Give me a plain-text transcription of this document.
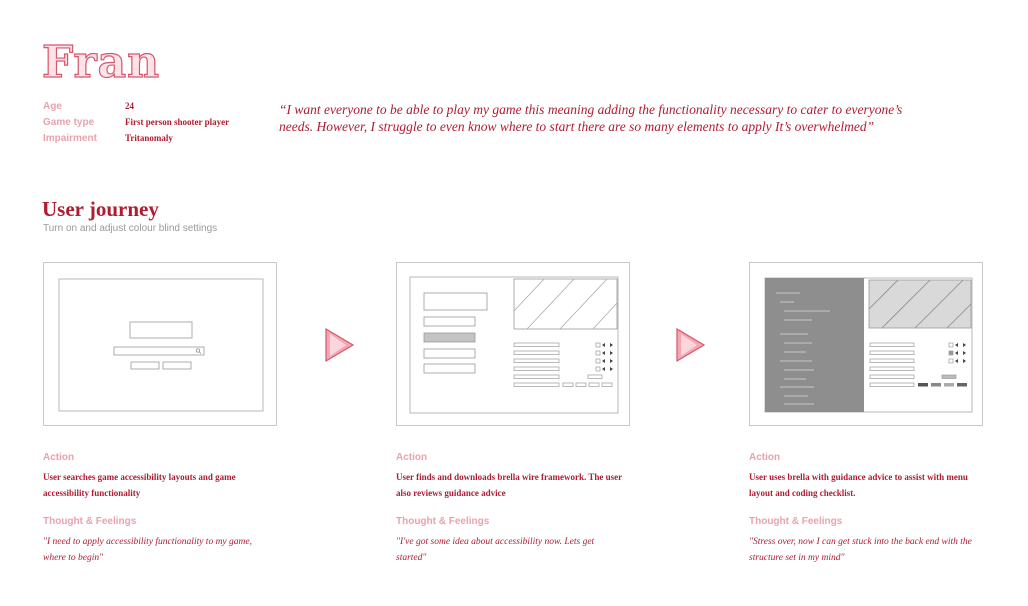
Fran
Age	24
Game type	First person shooter player
Impairment	Tritanomaly
“I want everyone to be able to play my game this meaning adding the functionality necessary to cater to everyone’s needs. However, I struggle to even know where to start there are so many elements to apply It’s overwhelmed”
User journey
Turn on and adjust colour blind settings
Action
User searches game accessibility layouts and game accessibility functionality
Thought & Feelings
"I need to apply accessibility functionality to my game, where to begin"
Action
User finds and downloads brella wire framework. The user also reviews guidance advice
Thought & Feelings
"I've got some idea about accessibility now. Lets get started"
Action
User uses brella with guidance advice to assist with menu layout and coding checklist.
Thought & Feelings
"Stress over, now I can get stuck into the back end with the structure set in my mind"
